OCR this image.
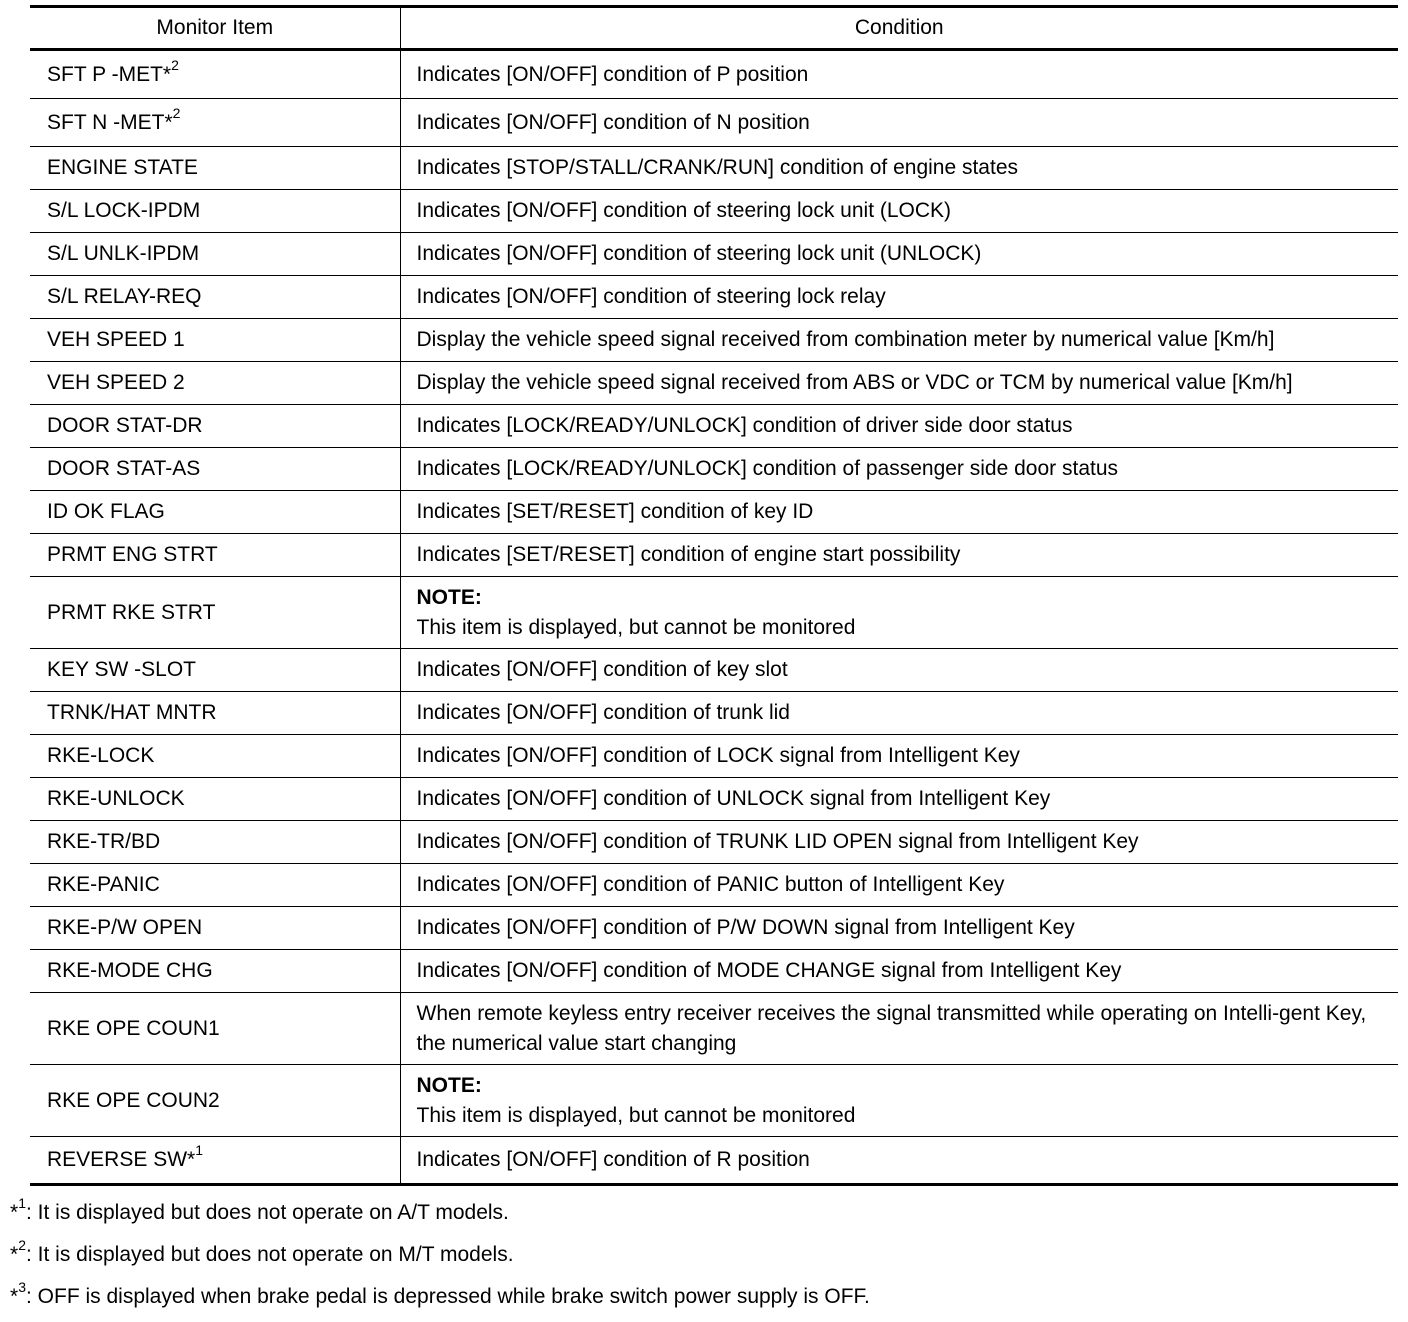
Monitor Item	Condition
SFT P -MET*$^2$	Indicates [ON/OFF] condition of P position
SFT N -MET*$^2$	Indicates [ON/OFF] condition of N position
ENGINE STATE	Indicates [STOP/STALL/CRANK/RUN] condition of engine states
S/L LOCK-IPDM	Indicates [ON/OFF] condition of steering lock unit (LOCK)
S/L UNLK-IPDM	Indicates [ON/OFF] condition of steering lock unit (UNLOCK)
S/L RELAY-REQ	Indicates [ON/OFF] condition of steering lock relay
VEH SPEED 1	Display the vehicle speed signal received from combination meter by numerical value [Km/h]
VEH SPEED 2	Display the vehicle speed signal received from ABS or VDC or TCM by numerical value [Km/h]
DOOR STAT-DR	Indicates [LOCK/READY/UNLOCK] condition of driver side door status
DOOR STAT-AS	Indicates [LOCK/READY/UNLOCK] condition of passenger side door status
ID OK FLAG	Indicates [SET/RESET] condition of key ID
PRMT ENG STRT	Indicates [SET/RESET] condition of engine start possibility
PRMT RKE STRT	NOTE:
This item is displayed, but cannot be monitored
KEY SW -SLOT	Indicates [ON/OFF] condition of key slot
TRNK/HAT MNTR	Indicates [ON/OFF] condition of trunk lid
RKE-LOCK	Indicates [ON/OFF] condition of LOCK signal from Intelligent Key
RKE-UNLOCK	Indicates [ON/OFF] condition of UNLOCK signal from Intelligent Key
RKE-TR/BD	Indicates [ON/OFF] condition of TRUNK LID OPEN signal from Intelligent Key
RKE-PANIC	Indicates [ON/OFF] condition of PANIC button of Intelligent Key
RKE-P/W OPEN	Indicates [ON/OFF] condition of P/W DOWN signal from Intelligent Key
RKE-MODE CHG	Indicates [ON/OFF] condition of MODE CHANGE signal from Intelligent Key
RKE OPE COUN1	When remote keyless entry receiver receives the signal transmitted while operating on Intelli-gent Key, the numerical value start changing
RKE OPE COUN2	NOTE:
This item is displayed, but cannot be monitored
REVERSE SW*$^1$	Indicates [ON/OFF] condition of R position
*$^1$: It is displayed but does not operate on A/T models.
*$^2$: It is displayed but does not operate on M/T models.
*$^3$: OFF is displayed when brake pedal is depressed while brake switch power supply is OFF.
